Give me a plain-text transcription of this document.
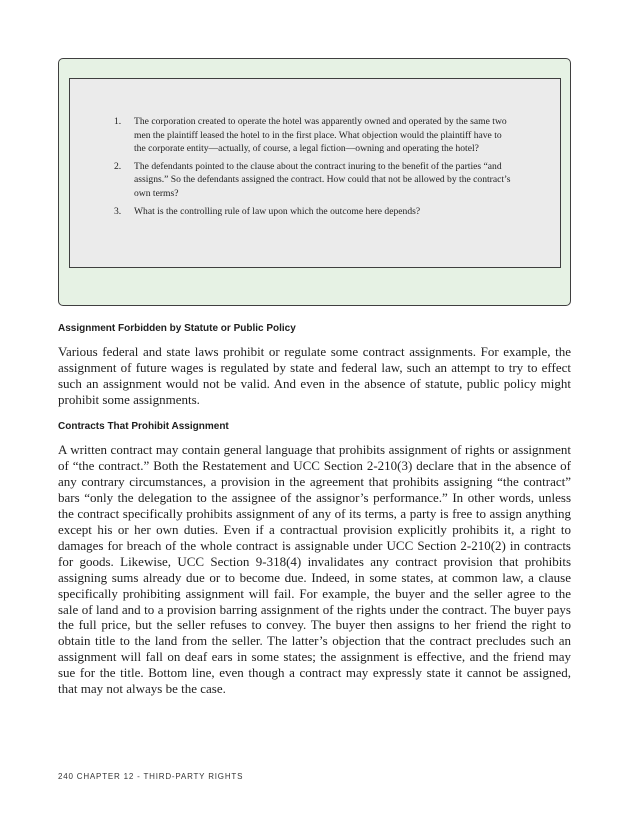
1. The corporation created to operate the hotel was apparently owned and operated by the same two men the plaintiff leased the hotel to in the first place. What objection would the plaintiff have to the corporate entity—actually, of course, a legal fiction—owning and operating the hotel?
2. The defendants pointed to the clause about the contract inuring to the benefit of the parties “and assigns.” So the defendants assigned the contract. How could that not be allowed by the contract’s own terms?
3. What is the controlling rule of law upon which the outcome here depends?
Assignment Forbidden by Statute or Public Policy

Various federal and state laws prohibit or regulate some contract assignments. For example, the assignment of future wages is regulated by state and federal law, such an attempt to try to effect such an assignment would not be valid. And even in the absence of statute, public policy might prohibit some assignments.

Contracts That Prohibit Assignment

A written contract may contain general language that prohibits assignment of rights or assignment of “the contract.” Both the Restatement and UCC Section 2-210(3) declare that in the absence of any contrary circumstances, a provision in the agreement that prohibits assigning “the contract” bars “only the delegation to the assignee of the assignor’s performance.” In other words, unless the contract specifically prohibits assignment of any of its terms, a party is free to assign anything except his or her own duties. Even if a contractual provision explicitly prohibits it, a right to damages for breach of the whole contract is assignable under UCC Section 2-210(2) in contracts for goods. Likewise, UCC Section 9-318(4) invalidates any contract provision that prohibits assigning sums already due or to become due. Indeed, in some states, at common law, a clause specifically prohibiting assignment will fail. For example, the buyer and the seller agree to the sale of land and to a provision barring assignment of the rights under the contract. The buyer pays the full price, but the seller refuses to convey. The buyer then assigns to her friend the right to obtain title to the land from the seller. The latter’s objection that the contract precludes such an assignment will fall on deaf ears in some states; the assignment is effective, and the friend may sue for the title. Bottom line, even though a contract may expressly state it cannot be assigned, that may not always be the case.

240 CHAPTER 12 - THIRD-PARTY RIGHTS
